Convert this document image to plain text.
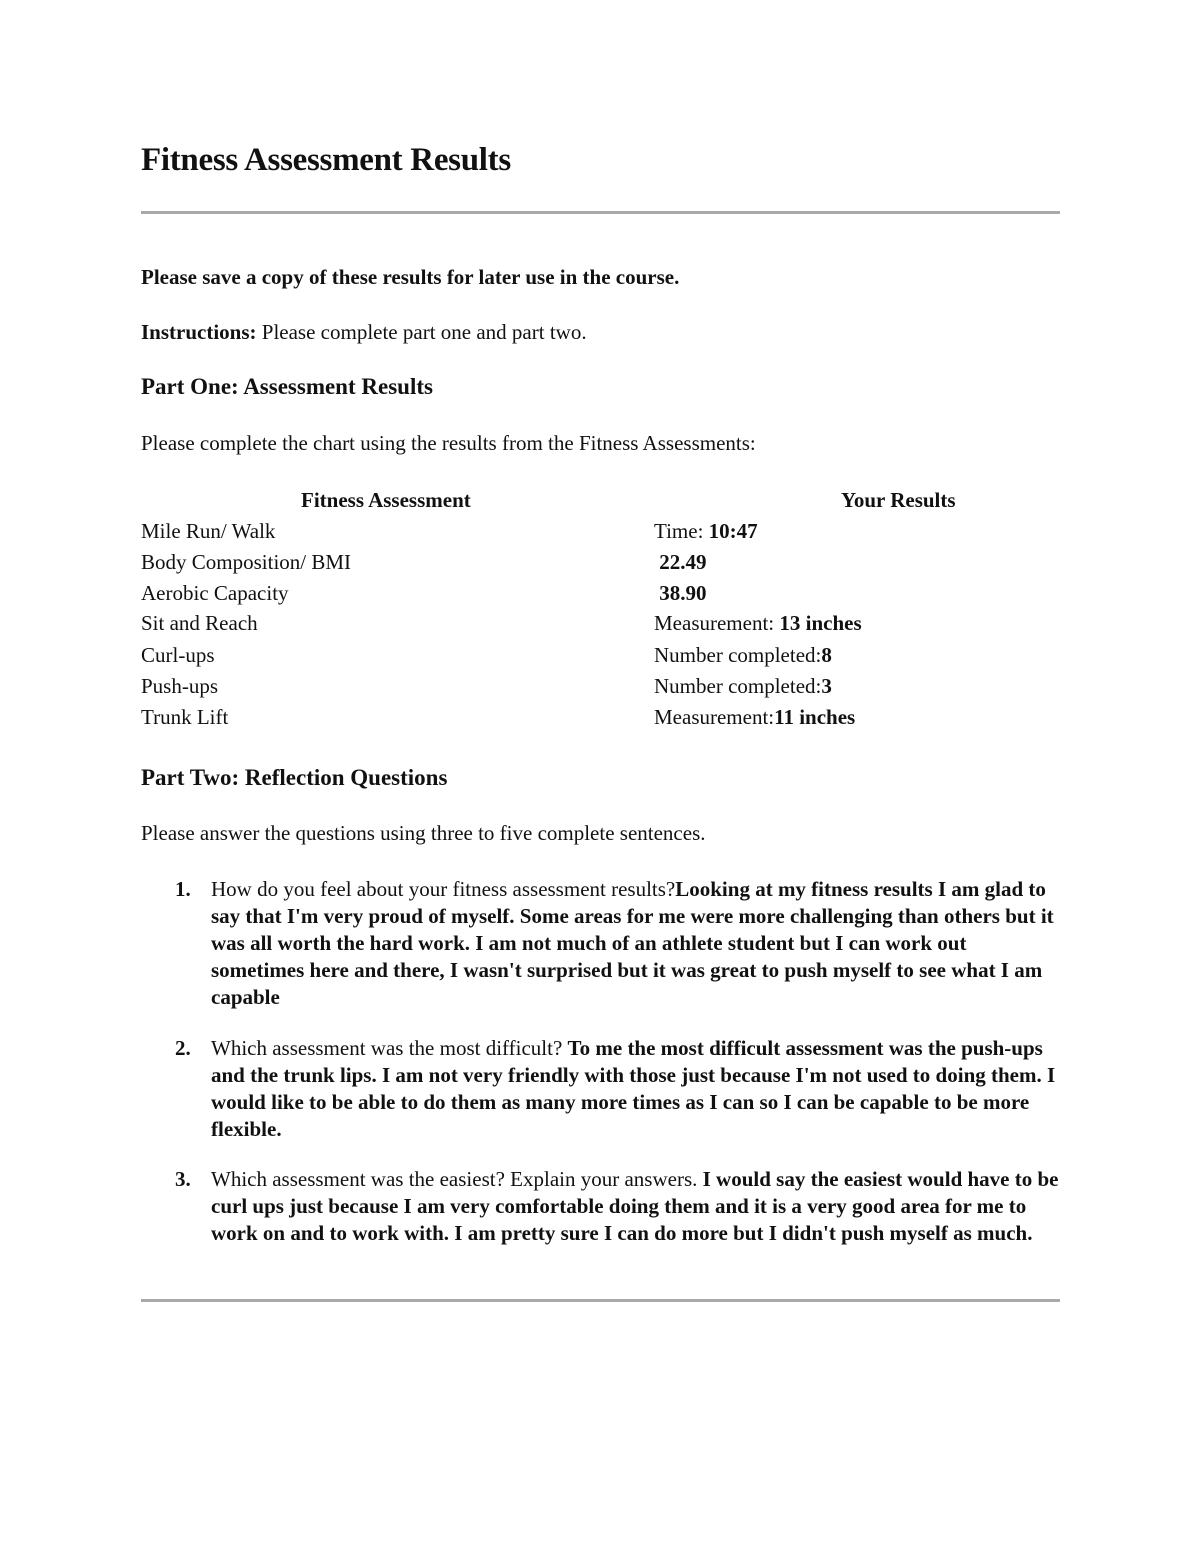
Fitness Assessment Results
Please save a copy of these results for later use in the course.
Instructions: Please complete part one and part two.
Part One: Assessment Results
Please complete the chart using the results from the Fitness Assessments:
Fitness Assessment	Your Results
Mile Run/ Walk	Time: 10:47
Body Composition/ BMI	22.49
Aerobic Capacity	38.90
Sit and Reach	Measurement: 13 inches
Curl-ups	Number completed:8
Push-ups	Number completed:3
Trunk Lift	Measurement:11 inches
Part Two: Reflection Questions
Please answer the questions using three to five complete sentences.
1. How do you feel about your fitness assessment results?Looking at my fitness results I am glad to say that I'm very proud of myself. Some areas for me were more challenging than others but it was all worth the hard work. I am not much of an athlete student but I can work out sometimes here and there, I wasn't surprised but it was great to push myself to see what I am capable
2. Which assessment was the most difficult? To me the most difficult assessment was the push-ups and the trunk lips. I am not very friendly with those just because I'm not used to doing them. I would like to be able to do them as many more times as I can so I can be capable to be more flexible.
3. Which assessment was the easiest? Explain your answers. I would say the easiest would have to be curl ups just because I am very comfortable doing them and it is a very good area for me to work on and to work with. I am pretty sure I can do more but I didn't push myself as much.
